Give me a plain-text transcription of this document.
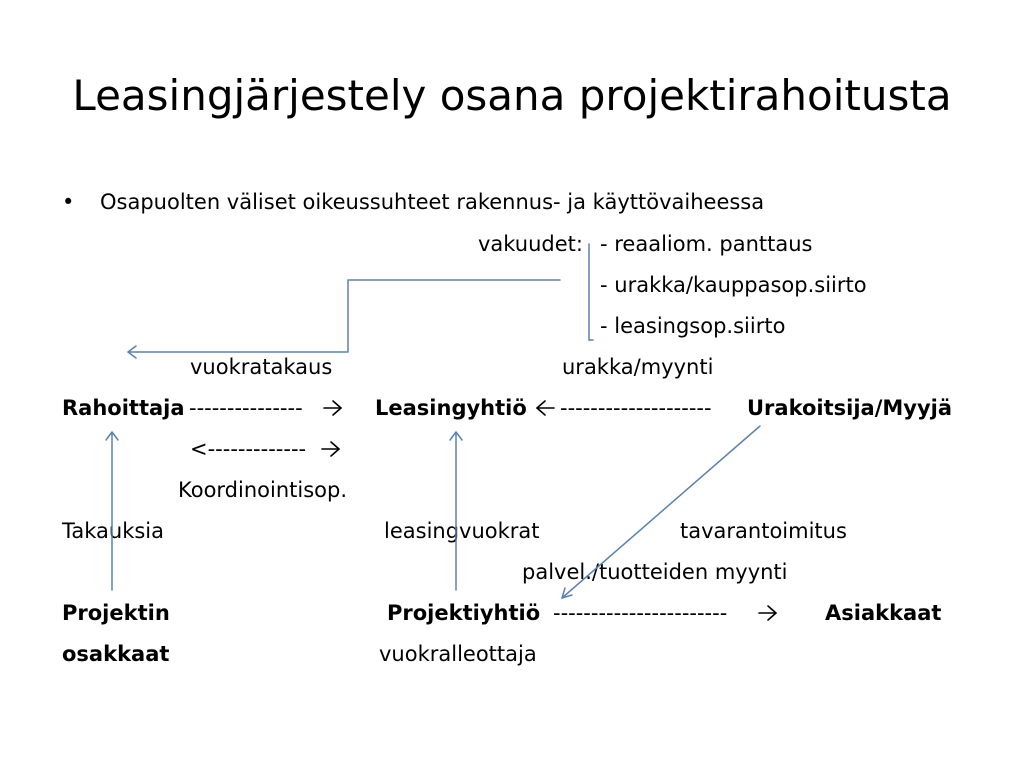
Leasingjärjestely osana projektirahoitusta
• Osapuolten väliset oikeussuhteet rakennus- ja käyttövaiheessa
vakuudet: - reaaliom. panttaus
- urakka/kauppasop.siirto
- leasingsop.siirto
vuokratakaus	urakka/myynti
Rahoittaja ---------------	Leasingyhtiö -------------------- Urakoitsija/Myyjä
<-------------
Koordinointisop.
Takauksia	leasingvuokrat	tavarantoimitus
palvel./tuotteiden myynti
Projektin	Projektiyhtiö -----------------------	Asiakkaat
osakkaat	vuokralleottaja
